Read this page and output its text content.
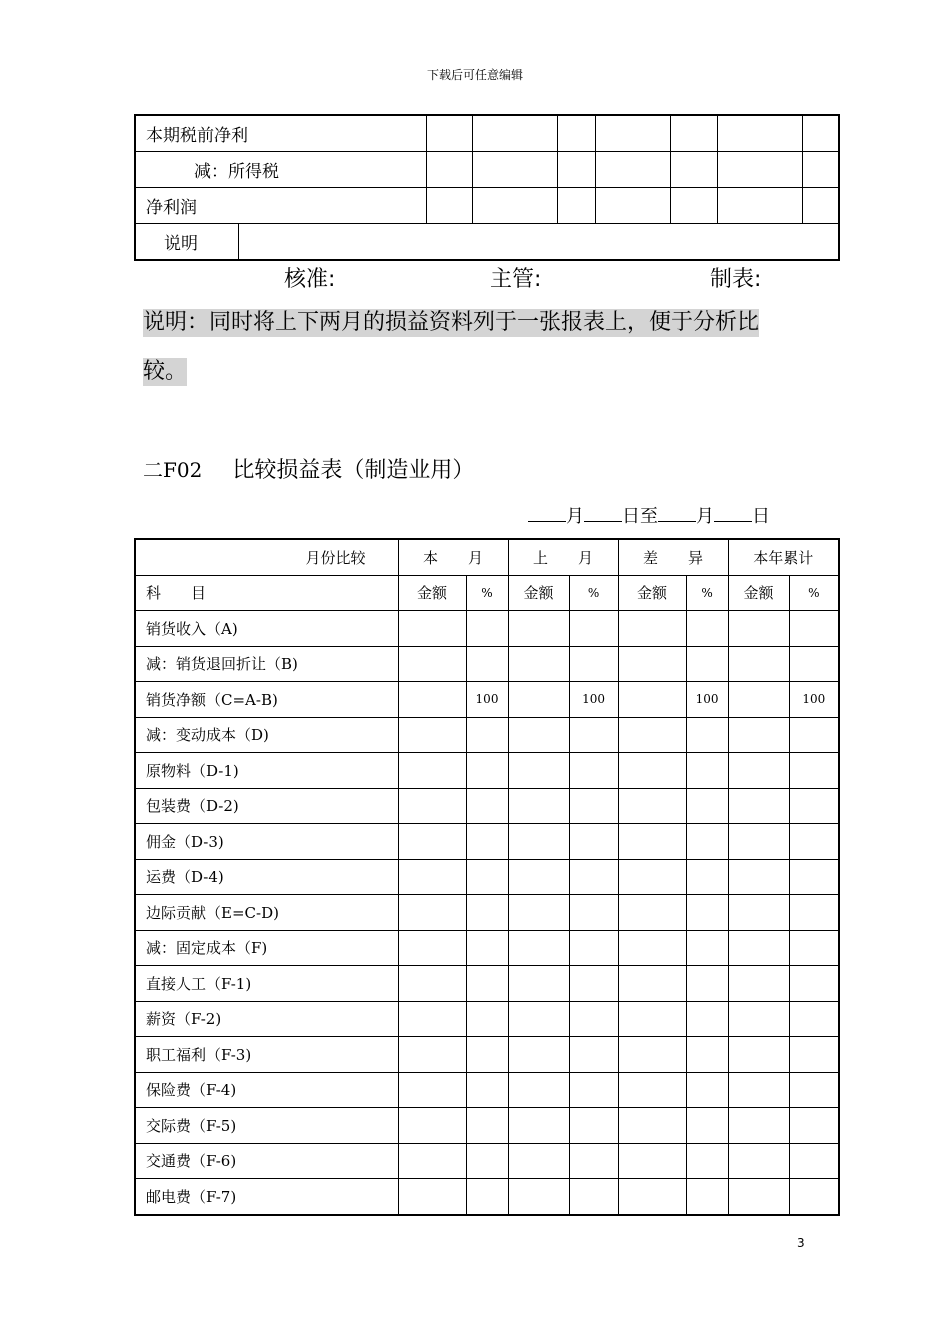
下载后可任意编辑
本期税前净利								
减：所得税								
净利润								
说明								
核准:	主管:	制表:
说明：同时将上下两月的损益资料列于一张报表上，便于分析比
较。
二F02 比较损益表（制造业用）
月 日至 月 日
月份比较	本　　月		上　　月		差　　异		本年累计	
科　　目	金额	%	金额	%	金额	%	金额	%
销货收入（A)								
减：销货退回折让（B)								
销货净额（C=A-B)		100		100		100		100
减：变动成本（D)								
原物料（D-1)								
包装费（D-2)								
佣金（D-3)								
运费（D-4)								
边际贡献（E=C-D)								
减：固定成本（F)								
直接人工（F-1)								
薪资（F-2)								
职工福利（F-3)								
保险费（F-4)								
交际费（F-5)								
交通费（F-6)								
邮电费（F-7)								
3
